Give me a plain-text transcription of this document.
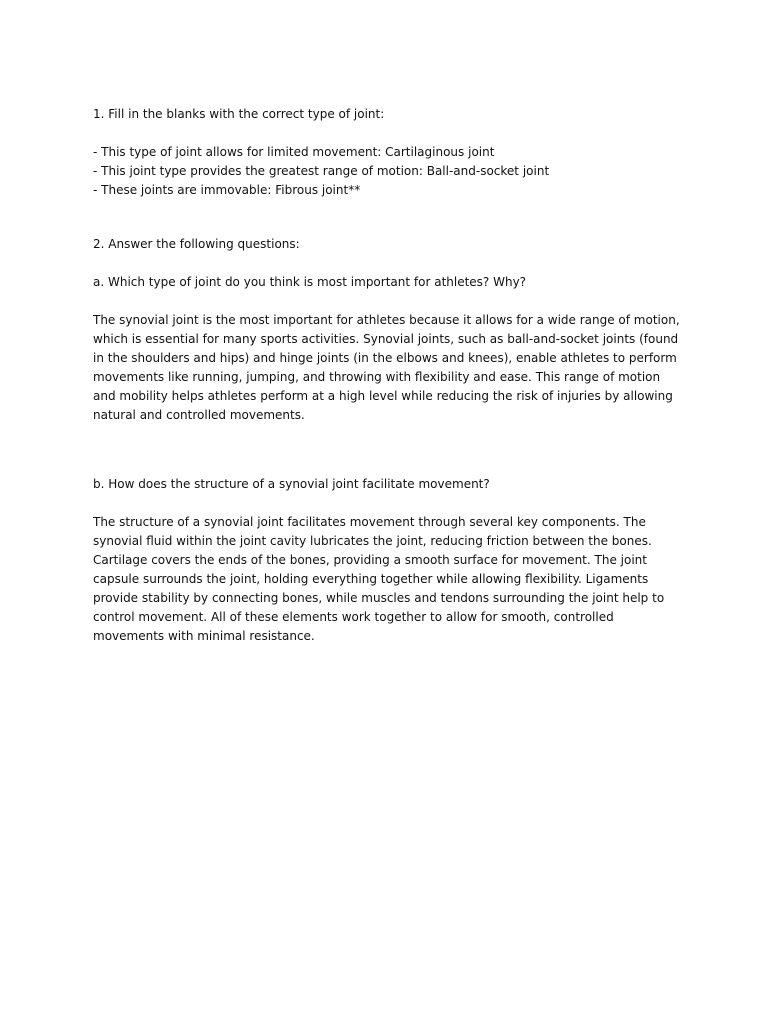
1. Fill in the blanks with the correct type of joint:
- This type of joint allows for limited movement: Cartilaginous joint
- This joint type provides the greatest range of motion: Ball-and-socket joint
- These joints are immovable: Fibrous joint**
2. Answer the following questions:
a. Which type of joint do you think is most important for athletes? Why?

The synovial joint is the most important for athletes because it allows for a wide range of motion, which is essential for many sports activities. Synovial joints, such as ball-and-socket joints (found in the shoulders and hips) and hinge joints (in the elbows and knees), enable athletes to perform movements like running, jumping, and throwing with flexibility and ease. This range of motion and mobility helps athletes perform at a high level while reducing the risk of injuries by allowing natural and controlled movements.

b. How does the structure of a synovial joint facilitate movement?

The structure of a synovial joint facilitates movement through several key components. The synovial fluid within the joint cavity lubricates the joint, reducing friction between the bones. Cartilage covers the ends of the bones, providing a smooth surface for movement. The joint capsule surrounds the joint, holding everything together while allowing flexibility. Ligaments provide stability by connecting bones, while muscles and tendons surrounding the joint help to control movement. All of these elements work together to allow for smooth, controlled movements with minimal resistance.
